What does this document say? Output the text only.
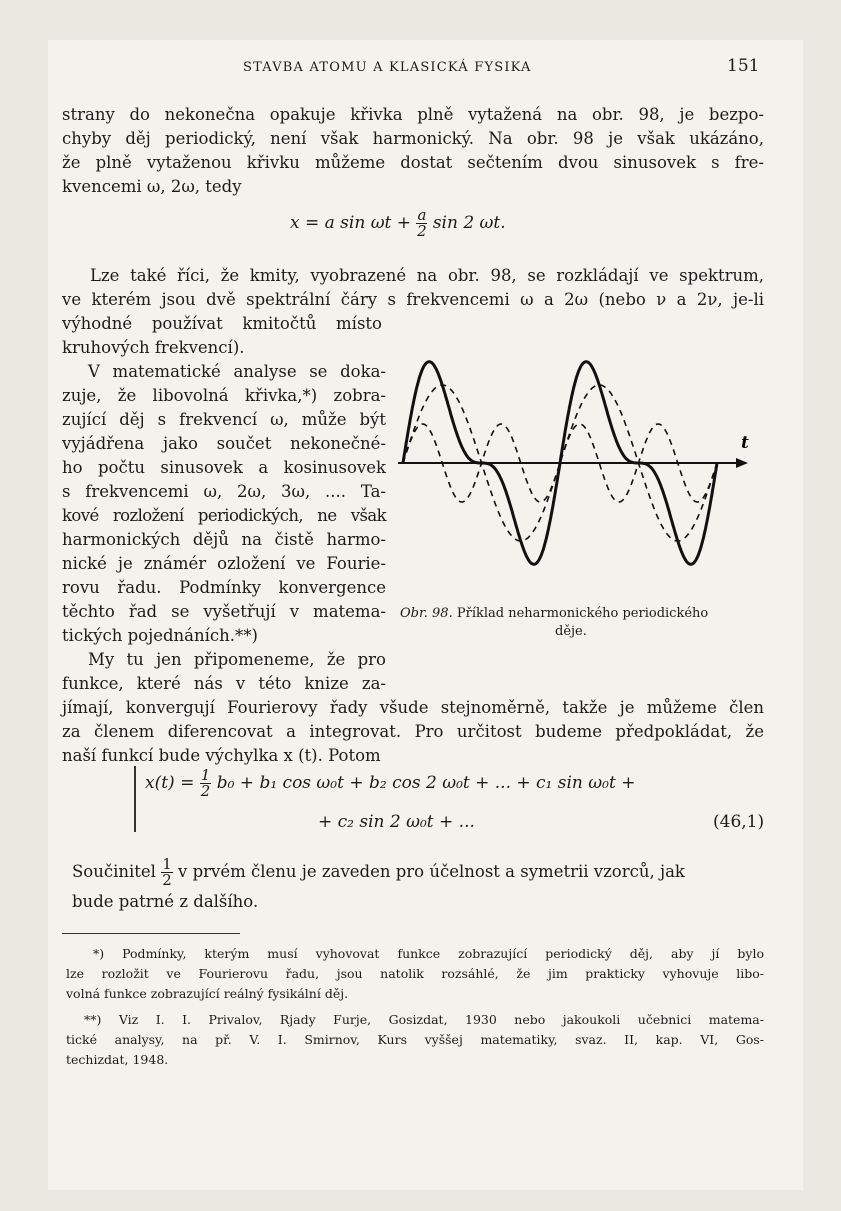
STAVBA ATOMU A KLASICKÁ FYSIKA	151
strany do nekonečna opakuje křivka plně vytažená na obr. 98, je bezpo-
chyby děj periodický, není však harmonický. Na obr. 98 je však ukázáno,
že plně vytaženou křivku můžeme dostat sečtením dvou sinusovek s fre-
kvencemi ω, 2ω, tedy
x = a $\sin \omega t + \frac{a}{2}$ sin 2 ωt.
Lze také říci, že kmity, vyobrazené na obr. 98, se rozkládají ve spektrum,
ve kterém jsou dvě spektrální čáry s frekvencemi ω a 2ω (nebo ν a 2ν, je-li
výhodné používat kmitočtů místo
kruhových frekvencí).
V matematické analyse se doka-
zuje, že libovolná křivka,*) zobra-
zující děj s frekvencí ω, může být
vyjádřena jako součet nekonečné-
ho počtu sinusovek a kosinusovek
s frekvencemi ω, 2ω, 3ω, .... Ta-
kové rozložení periodických, ne však
harmonických dějů na čistě harmo-
nické je známér ozložení ve Fourie-
rovu řadu. Podmínky konvergence
těchto řad se vyšetřují v matema-
tických pojednáních.**)
My tu jen připomeneme, že pro
funkce, které nás v této knize za-
jímají, konvergují Fourierovy řady všude stejnoměrně, takže je můžeme člen
za členem diferencovat a integrovat. Pro určitost budeme předpokládat, že
naší funkcí bude výchylka x (t). Potom
t
Obr. 98. Příklad neharmonického periodického
děje.
$x(t) = \frac{1}{2} b_0 + b_1$ cos ω₀t + b₂ cos 2 ω₀t + ... + c₁ sin ω₀t +
+ c₂ sin 2 ω₀t + ...	(46,1)
Součinitel $\frac{1}{2}$ v prvém členu je zaveden pro účelnost a symetrii vzorců, jak
bude patrné z dalšího.
*) Podmínky, kterým musí vyhovovat funkce zobrazující periodický děj, aby jí bylo
lze rozložit ve Fourierovu řadu, jsou natolik rozsáhlé, že jim prakticky vyhovuje libo-
volná funkce zobrazující reálný fysikální děj.
**) Viz I. I. Privalov, Rjady Furje, Gosizdat, 1930 nebo jakoukoli učebnici matema-
tické analysy, na př. V. I. Smirnov, Kurs vyššej matematiky, svaz. II, kap. VI, Gos-
techizdat, 1948.
